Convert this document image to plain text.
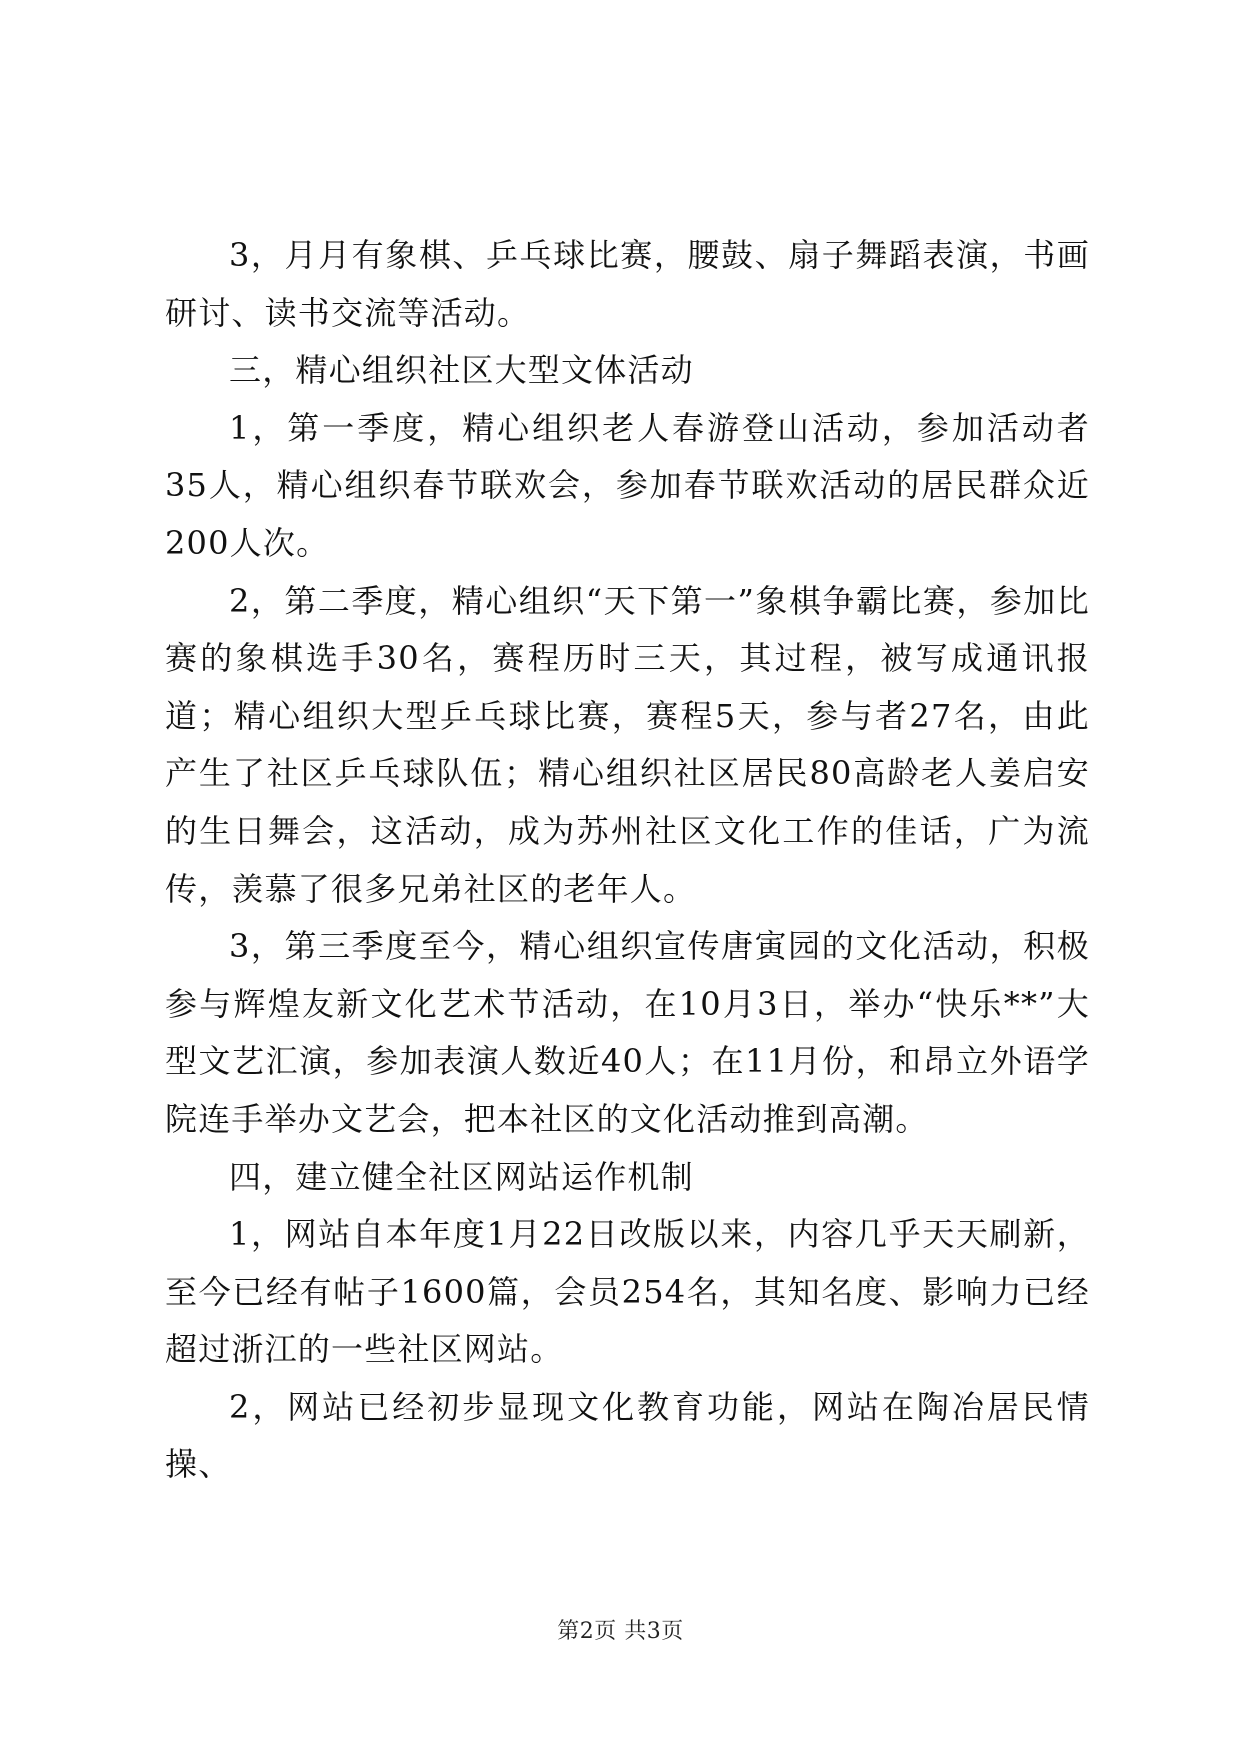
3，月月有象棋、乒乓球比赛，腰鼓、扇子舞蹈表演，书画研讨、读书交流等活动。

三，精心组织社区大型文体活动

1，第一季度，精心组织老人春游登山活动，参加活动者35人，精心组织春节联欢会，参加春节联欢活动的居民群众近200人次。

2，第二季度，精心组织“天下第一”象棋争霸比赛，参加比赛的象棋选手30名，赛程历时三天，其过程，被写成通讯报道；精心组织大型乒乓球比赛，赛程5天，参与者27名，由此产生了社区乒乓球队伍；精心组织社区居民80高龄老人姜启安的生日舞会，这活动，成为苏州社区文化工作的佳话，广为流传，羡慕了很多兄弟社区的老年人。

3，第三季度至今，精心组织宣传唐寅园的文化活动，积极参与辉煌友新文化艺术节活动，在10月3日，举办“快乐**”大型文艺汇演，参加表演人数近40人；在11月份，和昂立外语学院连手举办文艺会，把本社区的文化活动推到高潮。

四，建立健全社区网站运作机制

1，网站自本年度1月22日改版以来，内容几乎天天刷新，至今已经有帖子1600篇，会员254名，其知名度、影响力已经超过浙江的一些社区网站。

2，网站已经初步显现文化教育功能，网站在陶冶居民情操、

第2页 共3页
